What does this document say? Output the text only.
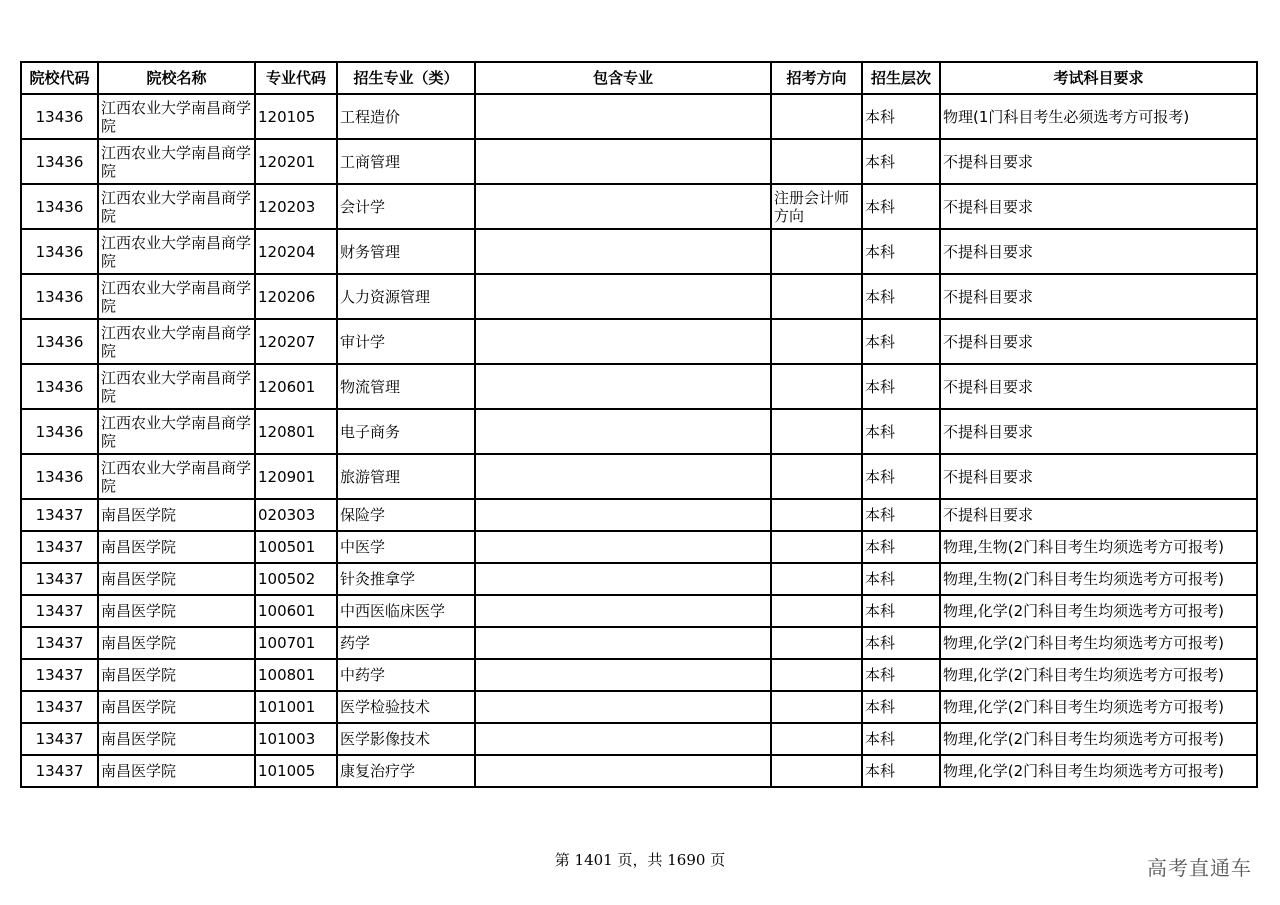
院校代码	院校名称	专业代码	招生专业（类）	包含专业	招考方向	招生层次	考试科目要求
13436	江西农业大学南昌商学院	120105	工程造价			本科	物理(1门科目考生必须选考方可报考)
13436	江西农业大学南昌商学院	120201	工商管理			本科	不提科目要求
13436	江西农业大学南昌商学院	120203	会计学		注册会计师方向	本科	不提科目要求
13436	江西农业大学南昌商学院	120204	财务管理			本科	不提科目要求
13436	江西农业大学南昌商学院	120206	人力资源管理			本科	不提科目要求
13436	江西农业大学南昌商学院	120207	审计学			本科	不提科目要求
13436	江西农业大学南昌商学院	120601	物流管理			本科	不提科目要求
13436	江西农业大学南昌商学院	120801	电子商务			本科	不提科目要求
13436	江西农业大学南昌商学院	120901	旅游管理			本科	不提科目要求
13437	南昌医学院	020303	保险学			本科	不提科目要求
13437	南昌医学院	100501	中医学			本科	物理,生物(2门科目考生均须选考方可报考)
13437	南昌医学院	100502	针灸推拿学			本科	物理,生物(2门科目考生均须选考方可报考)
13437	南昌医学院	100601	中西医临床医学			本科	物理,化学(2门科目考生均须选考方可报考)
13437	南昌医学院	100701	药学			本科	物理,化学(2门科目考生均须选考方可报考)
13437	南昌医学院	100801	中药学			本科	物理,化学(2门科目考生均须选考方可报考)
13437	南昌医学院	101001	医学检验技术			本科	物理,化学(2门科目考生均须选考方可报考)
13437	南昌医学院	101003	医学影像技术			本科	物理,化学(2门科目考生均须选考方可报考)
13437	南昌医学院	101005	康复治疗学			本科	物理,化学(2门科目考生均须选考方可报考)
第 1401 页，共 1690 页	高考直通车
